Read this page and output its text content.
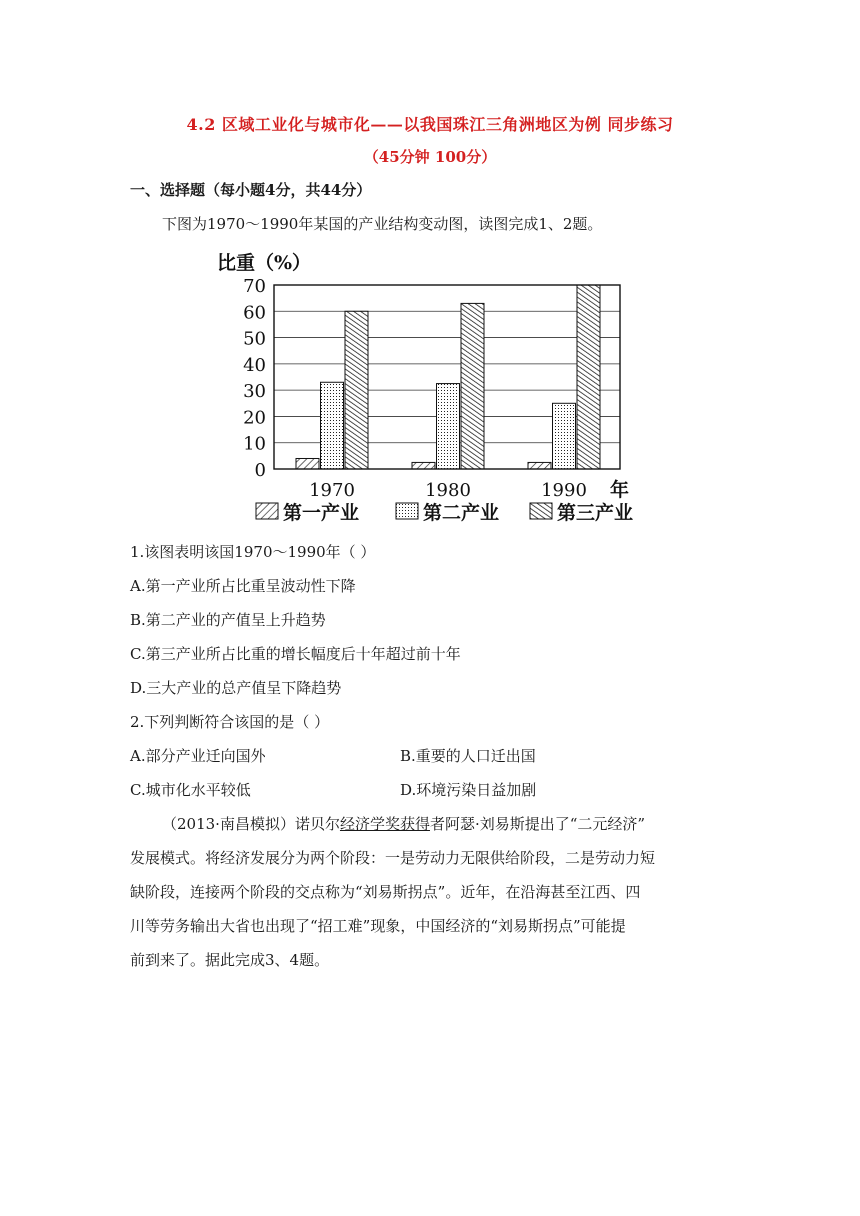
4.2 区域工业化与城市化——以我国珠江三角洲地区为例 同步练习
（45分钟 100分）
一、选择题（每小题4分，共44分）
下图为1970～1990年某国的产业结构变动图，读图完成1、2题。
比重（%）
0
10
20
30
40
50
60
70
1970	1980	1990 年
第一产业	第二产业	第三产业
1.该图表明该国1970～1990年（ ）
A.第一产业所占比重呈波动性下降
B.第二产业的产值呈上升趋势
C.第三产业所占比重的增长幅度后十年超过前十年
D.三大产业的总产值呈下降趋势
2.下列判断符合该国的是（ ）
A.部分产业迁向国外	B.重要的人口迁出国
C.城市化水平较低	D.环境污染日益加剧
（2013·南昌模拟）诺贝尔经济学奖获得者阿瑟·刘易斯提出了“二元经济”
发展模式。将经济发展分为两个阶段：一是劳动力无限供给阶段，二是劳动力短
缺阶段，连接两个阶段的交点称为“刘易斯拐点”。近年，在沿海甚至江西、四
川等劳务输出大省也出现了“招工难”现象，中国经济的“刘易斯拐点”可能提
前到来了。据此完成3、4题。
